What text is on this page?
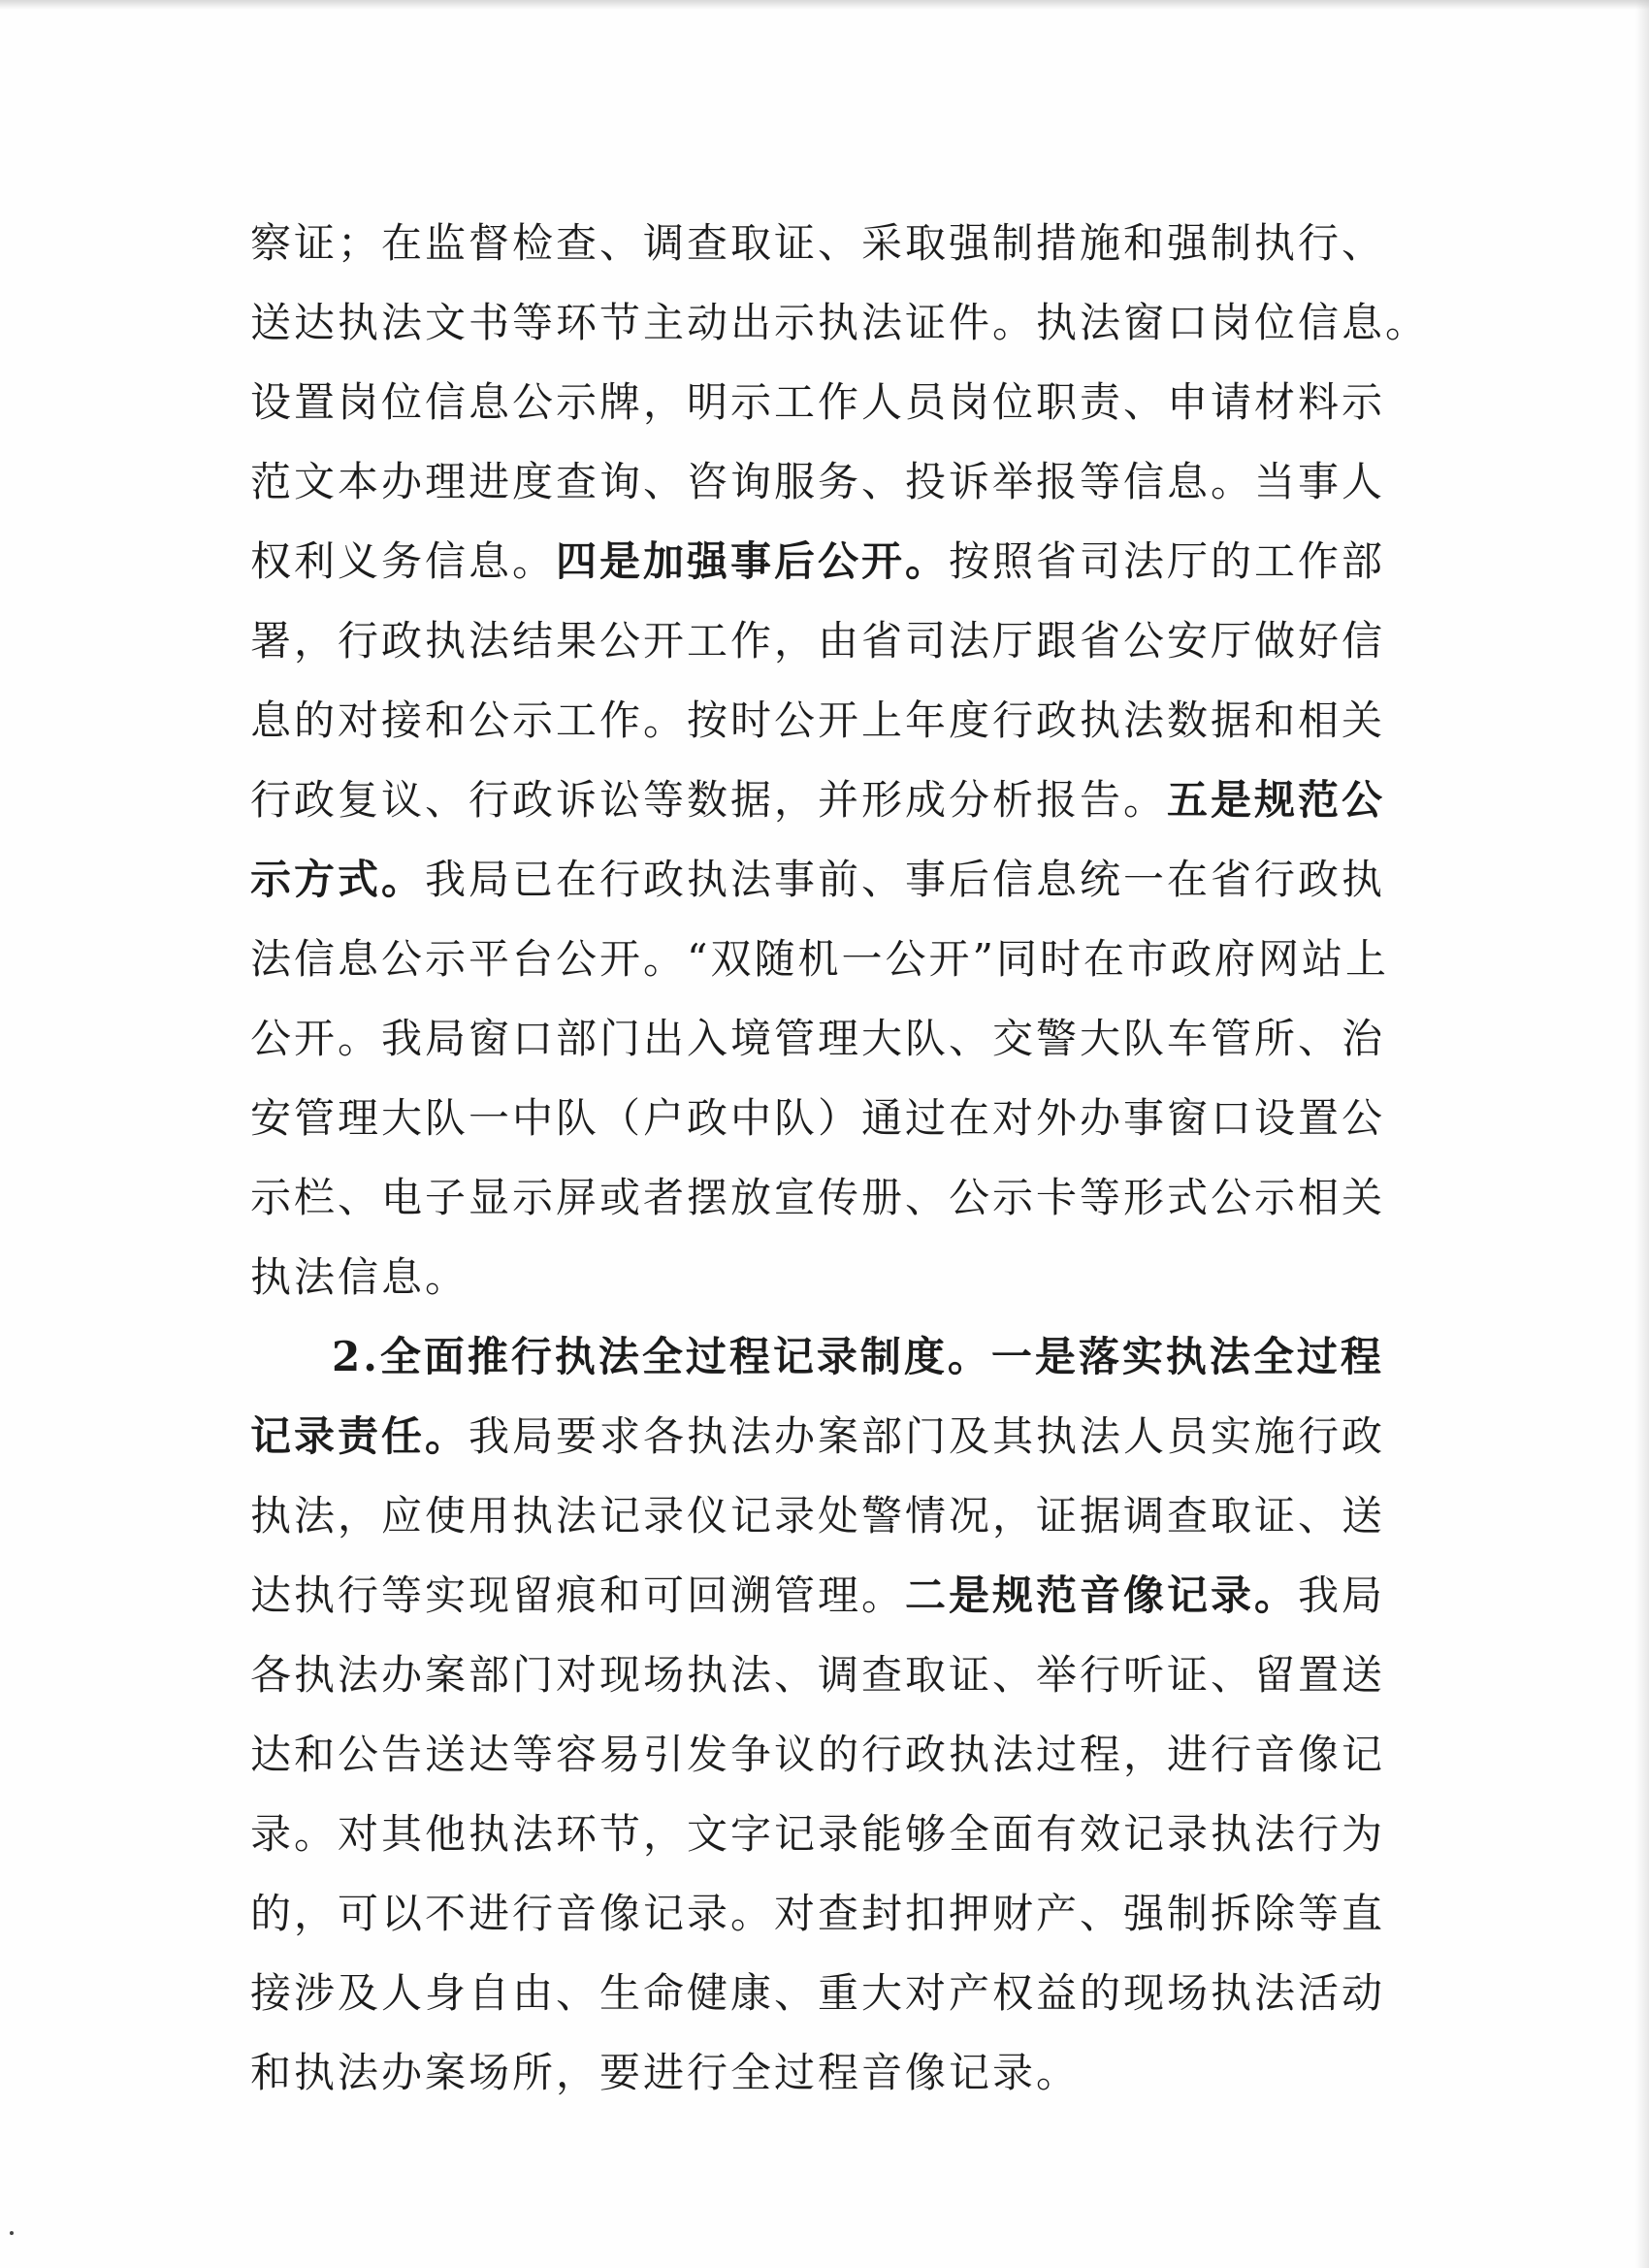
察证；在监督检查、调查取证、采取强制措施和强制执行、
送达执法文书等环节主动出示执法证件。执法窗口岗位信息。
设置岗位信息公示牌，明示工作人员岗位职责、申请材料示
范文本办理进度查询、咨询服务、投诉举报等信息。当事人
权利义务信息。四是加强事后公开。按照省司法厅的工作部
署，行政执法结果公开工作，由省司法厅跟省公安厅做好信
息的对接和公示工作。按时公开上年度行政执法数据和相关
行政复议、行政诉讼等数据，并形成分析报告。五是规范公
示方式。我局已在行政执法事前、事后信息统一在省行政执
法信息公示平台公开。“双随机一公开”同时在市政府网站上
公开。我局窗口部门出入境管理大队、交警大队车管所、治
安管理大队一中队（户政中队）通过在对外办事窗口设置公
示栏、电子显示屏或者摆放宣传册、公示卡等形式公示相关
执法信息。
2.全面推行执法全过程记录制度。一是落实执法全过程
记录责任。我局要求各执法办案部门及其执法人员实施行政
执法，应使用执法记录仪记录处警情况，证据调查取证、送
达执行等实现留痕和可回溯管理。二是规范音像记录。我局
各执法办案部门对现场执法、调查取证、举行听证、留置送
达和公告送达等容易引发争议的行政执法过程，进行音像记
录。对其他执法环节，文字记录能够全面有效记录执法行为
的，可以不进行音像记录。对查封扣押财产、强制拆除等直
接涉及人身自由、生命健康、重大对产权益的现场执法活动
和执法办案场所，要进行全过程音像记录。
